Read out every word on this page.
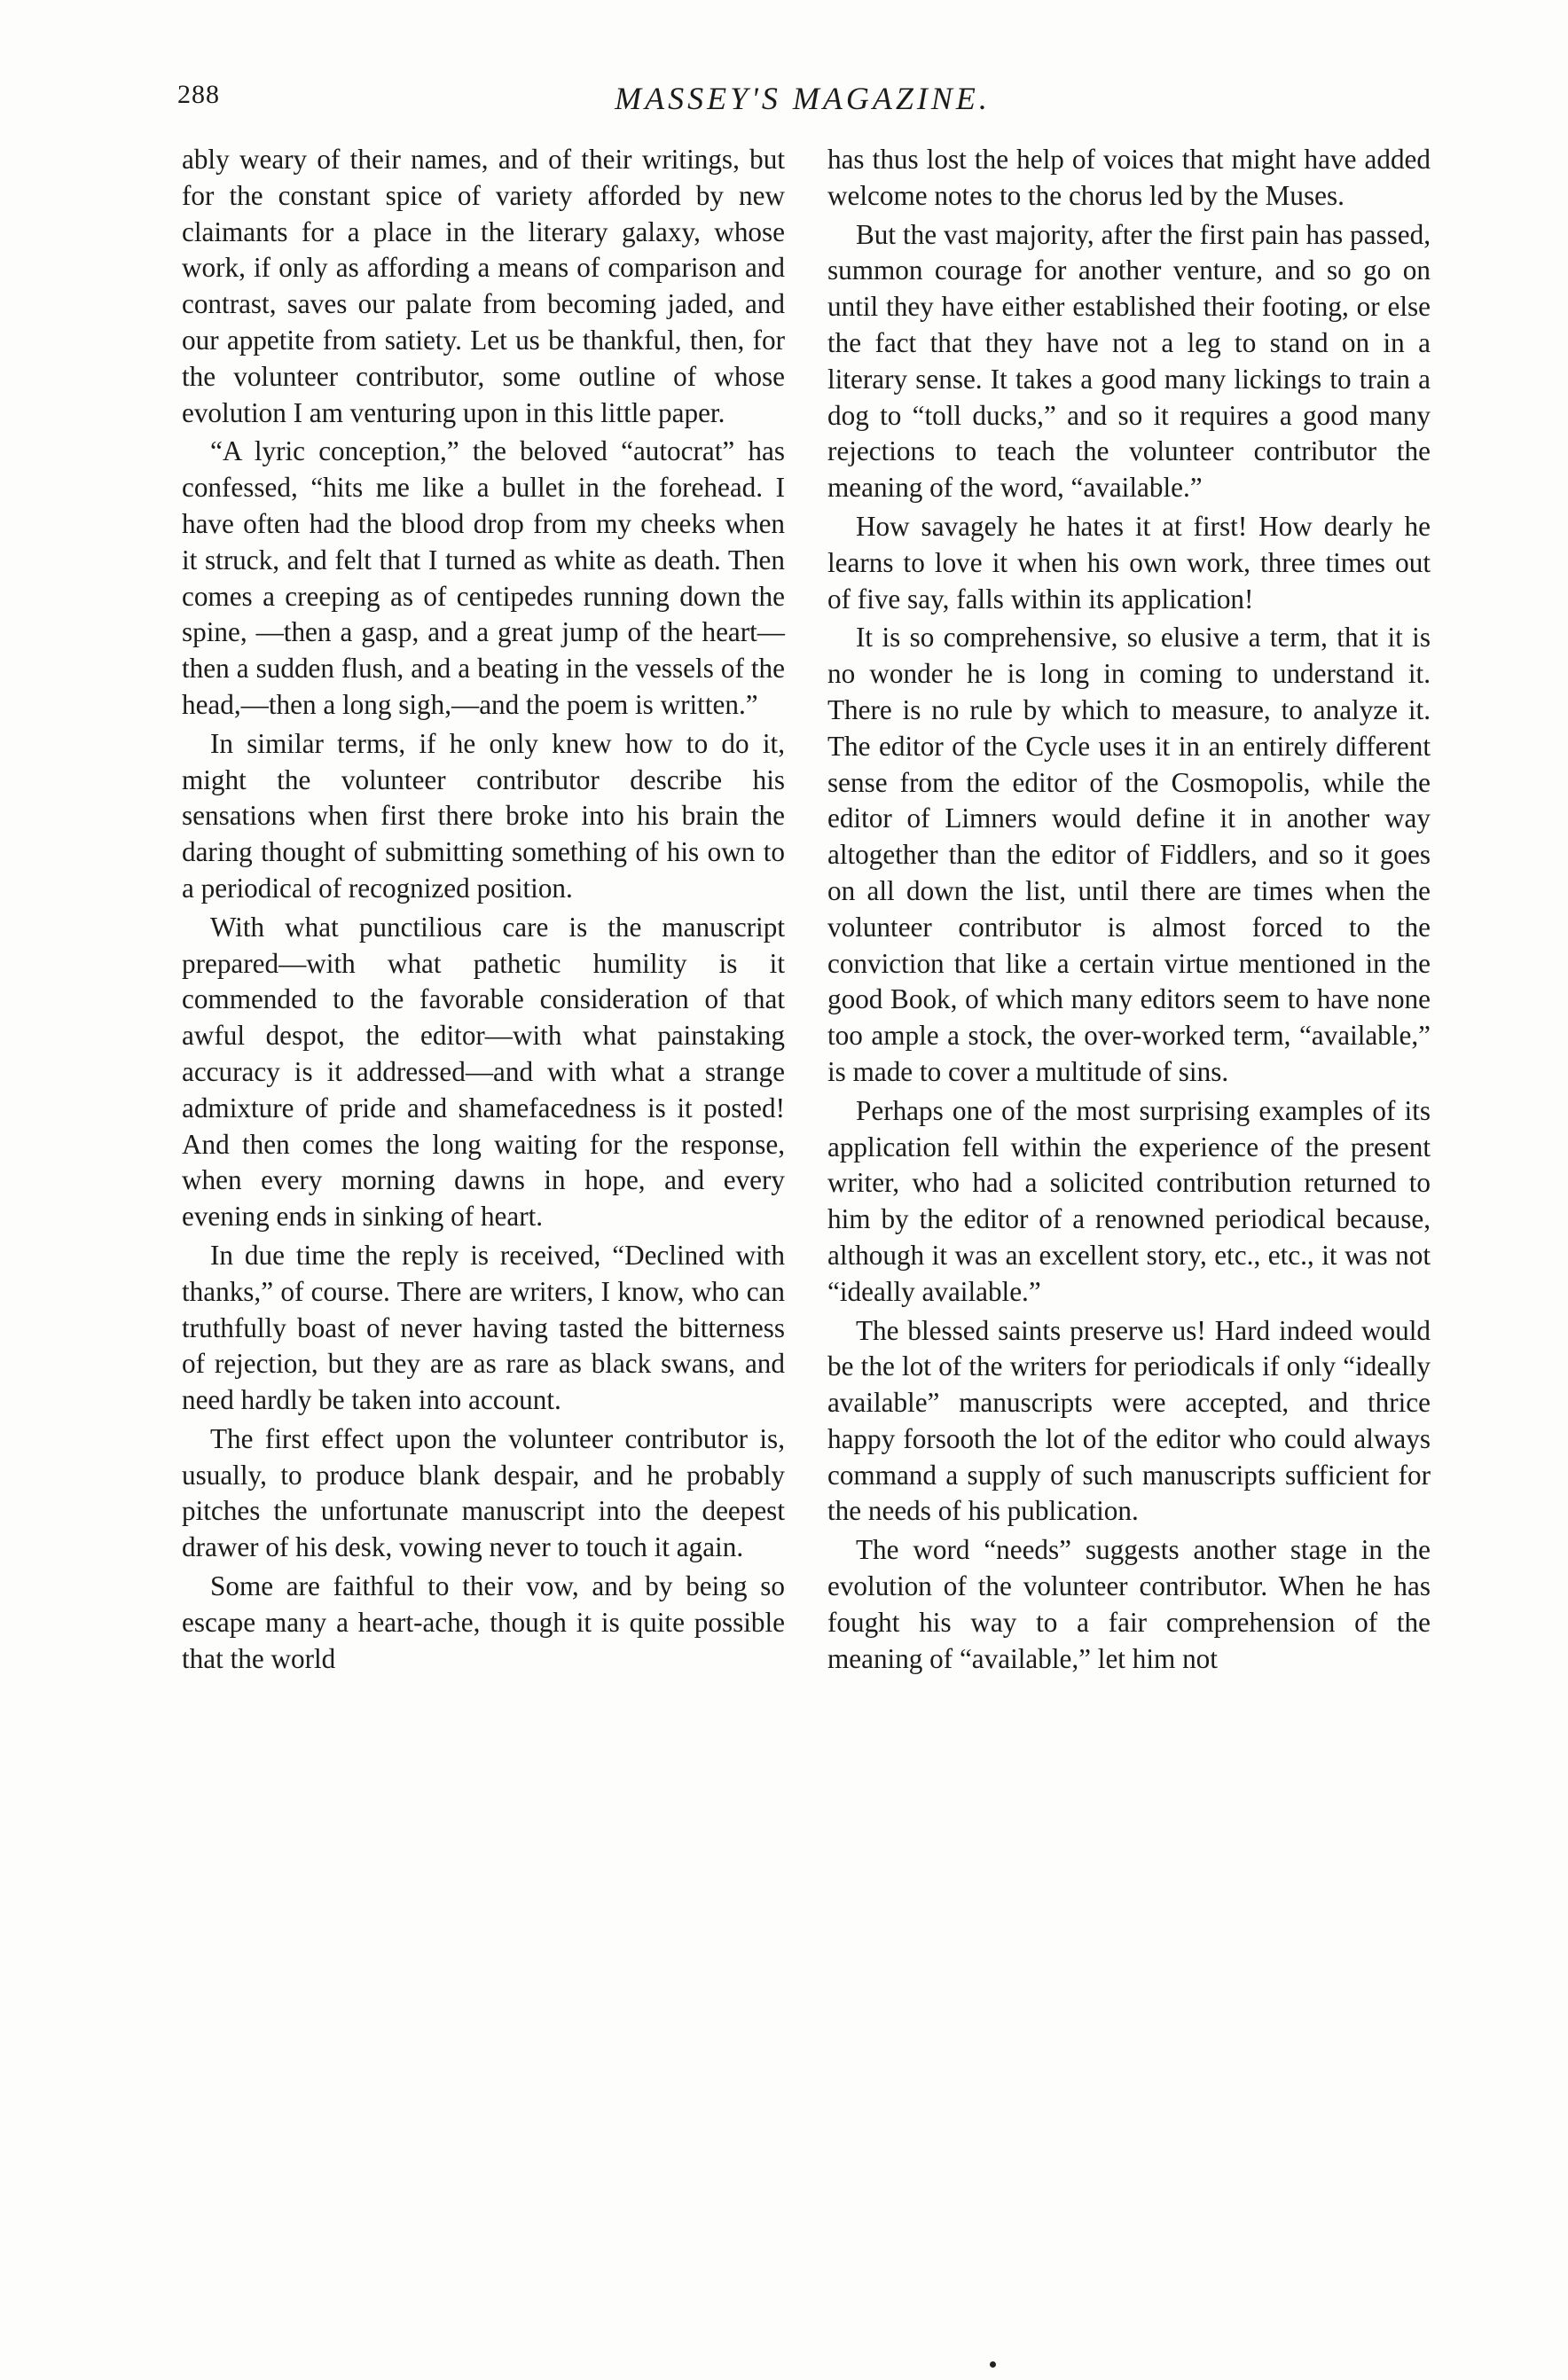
288	MASSEY'S MAGAZINE.

ably weary of their names, and of their writings, but for the constant spice of variety afforded by new claimants for a place in the literary galaxy, whose work, if only as affording a means of comparison and contrast, saves our palate from becoming jaded, and our appetite from satiety. Let us be thankful, then, for the volunteer contributor, some outline of whose evolution I am venturing upon in this little paper.

“A lyric conception,” the beloved “autocrat” has confessed, “hits me like a bullet in the forehead. I have often had the blood drop from my cheeks when it struck, and felt that I turned as white as death. Then comes a creeping as of centipedes running down the spine, —then a gasp, and a great jump of the heart—then a sudden flush, and a beating in the vessels of the head,—then a long sigh,—and the poem is written.”

In similar terms, if he only knew how to do it, might the volunteer contributor describe his sensations when first there broke into his brain the daring thought of submitting something of his own to a periodical of recognized position.

With what punctilious care is the manuscript prepared—with what pathetic humility is it commended to the favorable consideration of that awful despot, the editor—with what painstaking accuracy is it addressed—and with what a strange admixture of pride and shamefacedness is it posted! And then comes the long waiting for the response, when every morning dawns in hope, and every evening ends in sinking of heart.

In due time the reply is received, “Declined with thanks,” of course. There are writers, I know, who can truthfully boast of never having tasted the bitterness of rejection, but they are as rare as black swans, and need hardly be taken into account.

The first effect upon the volunteer contributor is, usually, to produce blank despair, and he probably pitches the unfortunate manuscript into the deepest drawer of his desk, vowing never to touch it again.

Some are faithful to their vow, and by being so escape many a heart-ache, though it is quite possible that the world

has thus lost the help of voices that might have added welcome notes to the chorus led by the Muses.

But the vast majority, after the first pain has passed, summon courage for another venture, and so go on until they have either established their footing, or else the fact that they have not a leg to stand on in a literary sense. It takes a good many lickings to train a dog to “toll ducks,” and so it requires a good many rejections to teach the volunteer contributor the meaning of the word, “available.”

How savagely he hates it at first! How dearly he learns to love it when his own work, three times out of five say, falls within its application!

It is so comprehensive, so elusive a term, that it is no wonder he is long in coming to understand it. There is no rule by which to measure, to analyze it. The editor of the Cycle uses it in an entirely different sense from the editor of the Cosmopolis, while the editor of Limners would define it in another way altogether than the editor of Fiddlers, and so it goes on all down the list, until there are times when the volunteer contributor is almost forced to the conviction that like a certain virtue mentioned in the good Book, of which many editors seem to have none too ample a stock, the over-worked term, “available,” is made to cover a multitude of sins.

Perhaps one of the most surprising examples of its application fell within the experience of the present writer, who had a solicited contribution returned to him by the editor of a renowned periodical because, although it was an excellent story, etc., etc., it was not “ideally available.”

The blessed saints preserve us! Hard indeed would be the lot of the writers for periodicals if only “ideally available” manuscripts were accepted, and thrice happy forsooth the lot of the editor who could always command a supply of such manuscripts sufficient for the needs of his publication.

The word “needs” suggests another stage in the evolution of the volunteer contributor. When he has fought his way to a fair comprehension of the meaning of “available,” let him not
